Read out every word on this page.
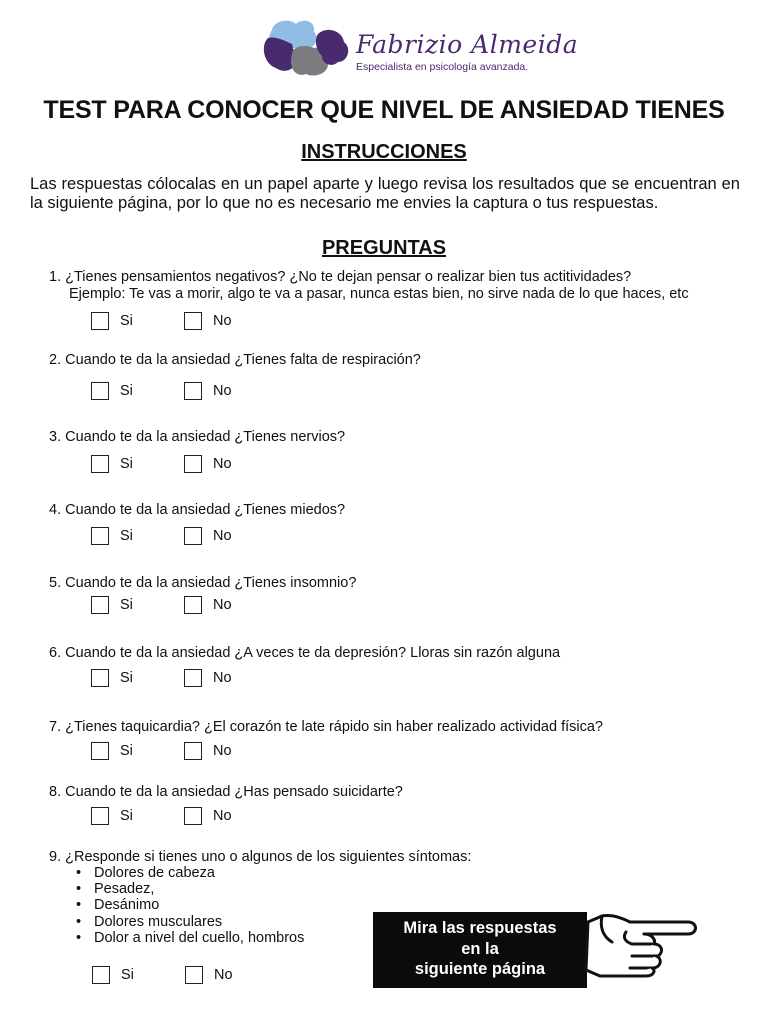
Fabrizio Almeida
Especialista en psicología avanzada.
TEST PARA CONOCER QUE NIVEL DE ANSIEDAD TIENES
INSTRUCCIONES
Las respuestas cólocalas en un papel aparte y luego revisa los resultados que se encuentran en la siguiente página, por lo que no es necesario me envies la captura o tus respuestas.
PREGUNTAS
1. ¿Tienes pensamientos negativos? ¿No te dejan pensar o realizar bien tus actitividades?
Ejemplo: Te vas a morir, algo te va a pasar, nunca estas bien, no sirve nada de lo que haces, etc
Si	No
2. Cuando te da la ansiedad ¿Tienes falta de respiración?
Si	No
3. Cuando te da la ansiedad ¿Tienes nervios?
Si	No
4. Cuando te da la ansiedad ¿Tienes miedos?
Si	No
5. Cuando te da la ansiedad ¿Tienes insomnio?
Si	No
6. Cuando te da la ansiedad ¿A veces te da depresión? Lloras sin razón alguna
Si	No
7. ¿Tienes taquicardia? ¿El corazón te late rápido sin haber realizado actividad física?
Si	No
8. Cuando te da la ansiedad ¿Has pensado suicidarte?
Si	No
9. ¿Responde si tienes uno o algunos de los siguientes síntomas:
• Dolores de cabeza
• Pesadez,
• Desánimo
• Dolores musculares
• Dolor a nivel del cuello, hombros
Si	No
Mira las respuestas
en la
siguiente página
